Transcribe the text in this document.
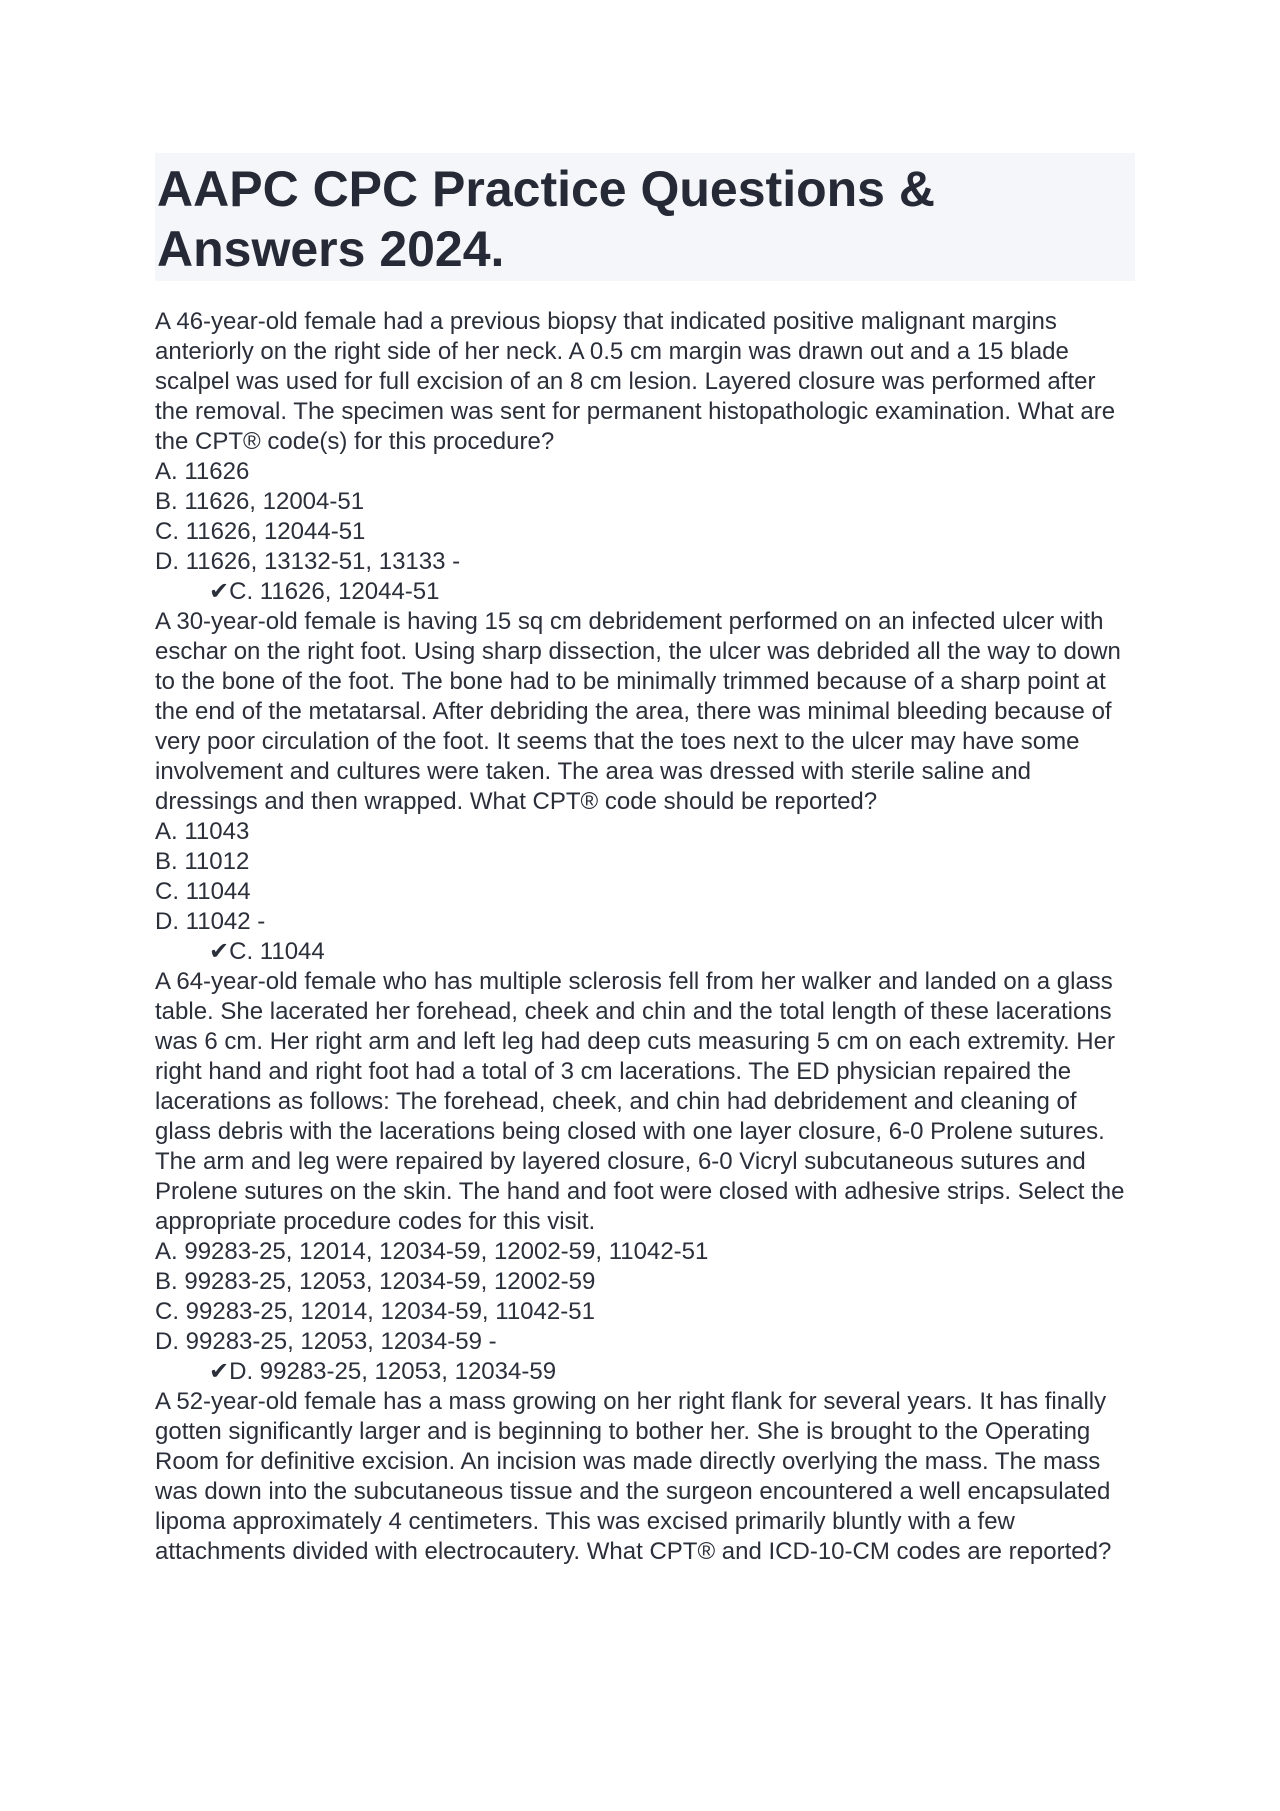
AAPC CPC Practice Questions & Answers 2024.

A 46-year-old female had a previous biopsy that indicated positive malignant margins anteriorly on the right side of her neck. A 0.5 cm margin was drawn out and a 15 blade scalpel was used for full excision of an 8 cm lesion. Layered closure was performed after the removal. The specimen was sent for permanent histopathologic examination. What are the CPT® code(s) for this procedure?

A. 11626

B. 11626, 12004-51

C. 11626, 12044-51

D. 11626, 13132-51, 13133 -

✔C. 11626, 12044-51

A 30-year-old female is having 15 sq cm debridement performed on an infected ulcer with eschar on the right foot. Using sharp dissection, the ulcer was debrided all the way to down to the bone of the foot. The bone had to be minimally trimmed because of a sharp point at the end of the metatarsal. After debriding the area, there was minimal bleeding because of very poor circulation of the foot. It seems that the toes next to the ulcer may have some involvement and cultures were taken. The area was dressed with sterile saline and dressings and then wrapped. What CPT® code should be reported?

A. 11043

B. 11012

C. 11044

D. 11042 -

✔C. 11044

A 64-year-old female who has multiple sclerosis fell from her walker and landed on a glass table. She lacerated her forehead, cheek and chin and the total length of these lacerations was 6 cm. Her right arm and left leg had deep cuts measuring 5 cm on each extremity. Her right hand and right foot had a total of 3 cm lacerations. The ED physician repaired the lacerations as follows: The forehead, cheek, and chin had debridement and cleaning of glass debris with the lacerations being closed with one layer closure, 6-0 Prolene sutures. The arm and leg were repaired by layered closure, 6-0 Vicryl subcutaneous sutures and Prolene sutures on the skin. The hand and foot were closed with adhesive strips. Select the appropriate procedure codes for this visit.

A. 99283-25, 12014, 12034-59, 12002-59, 11042-51

B. 99283-25, 12053, 12034-59, 12002-59

C. 99283-25, 12014, 12034-59, 11042-51

D. 99283-25, 12053, 12034-59 -

✔D. 99283-25, 12053, 12034-59

A 52-year-old female has a mass growing on her right flank for several years. It has finally gotten significantly larger and is beginning to bother her. She is brought to the Operating Room for definitive excision. An incision was made directly overlying the mass. The mass was down into the subcutaneous tissue and the surgeon encountered a well encapsulated lipoma approximately 4 centimeters. This was excised primarily bluntly with a few attachments divided with electrocautery. What CPT® and ICD-10-CM codes are reported?
